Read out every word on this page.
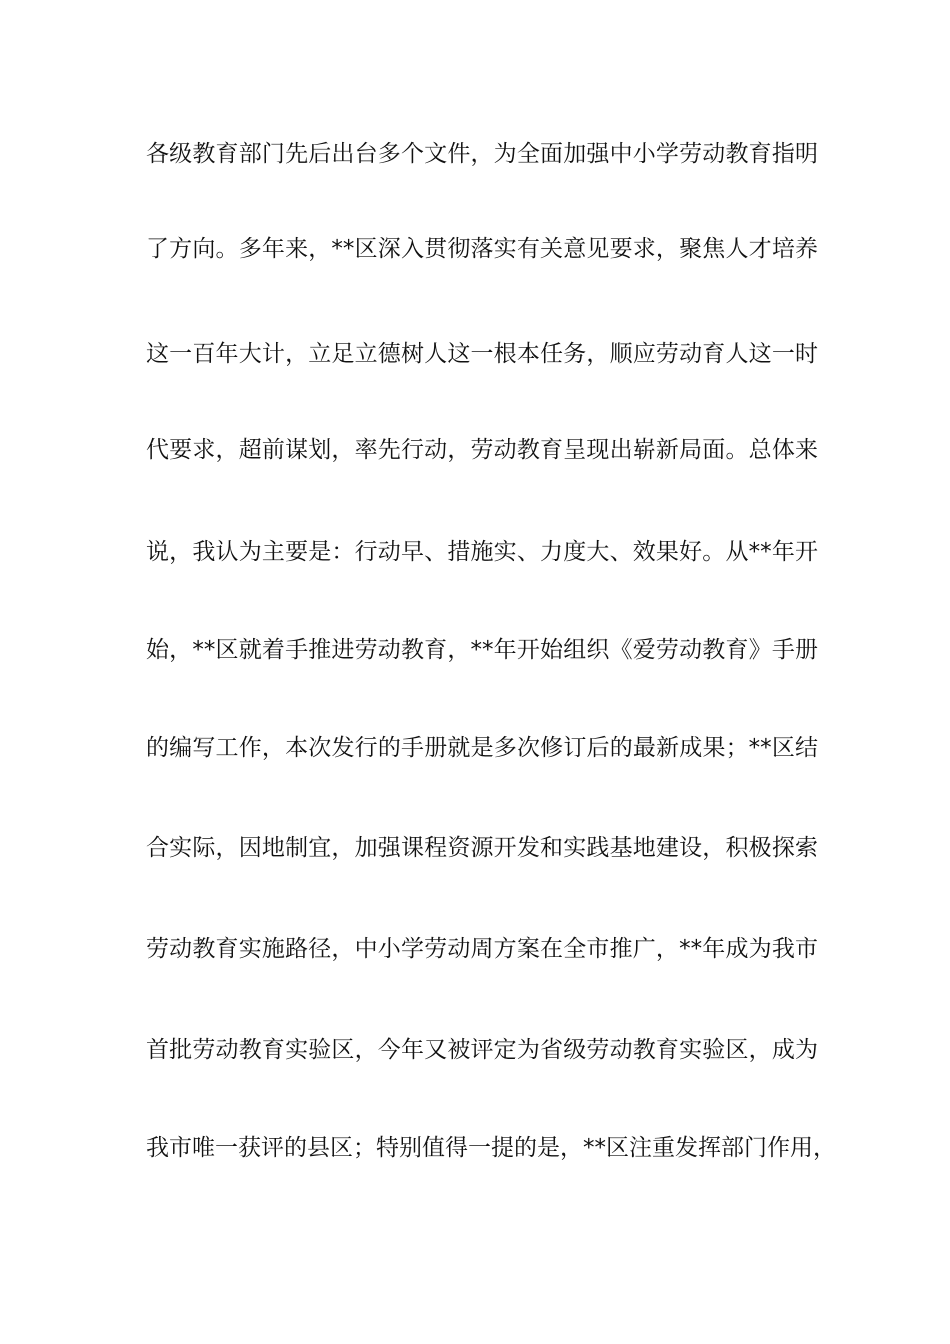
各级教育部门先后出台多个文件，为全面加强中小学劳动教育指明
了方向。多年来，**区深入贯彻落实有关意见要求，聚焦人才培养
这一百年大计，立足立德树人这一根本任务，顺应劳动育人这一时
代要求，超前谋划，率先行动，劳动教育呈现出崭新局面。总体来
说，我认为主要是：行动早、措施实、力度大、效果好。从**年开
始，**区就着手推进劳动教育，**年开始组织《爱劳动教育》手册
的编写工作，本次发行的手册就是多次修订后的最新成果；**区结
合实际，因地制宜，加强课程资源开发和实践基地建设，积极探索
劳动教育实施路径，中小学劳动周方案在全市推广，**年成为我市
首批劳动教育实验区，今年又被评定为省级劳动教育实验区，成为
我市唯一获评的县区；特别值得一提的是，**区注重发挥部门作用，
